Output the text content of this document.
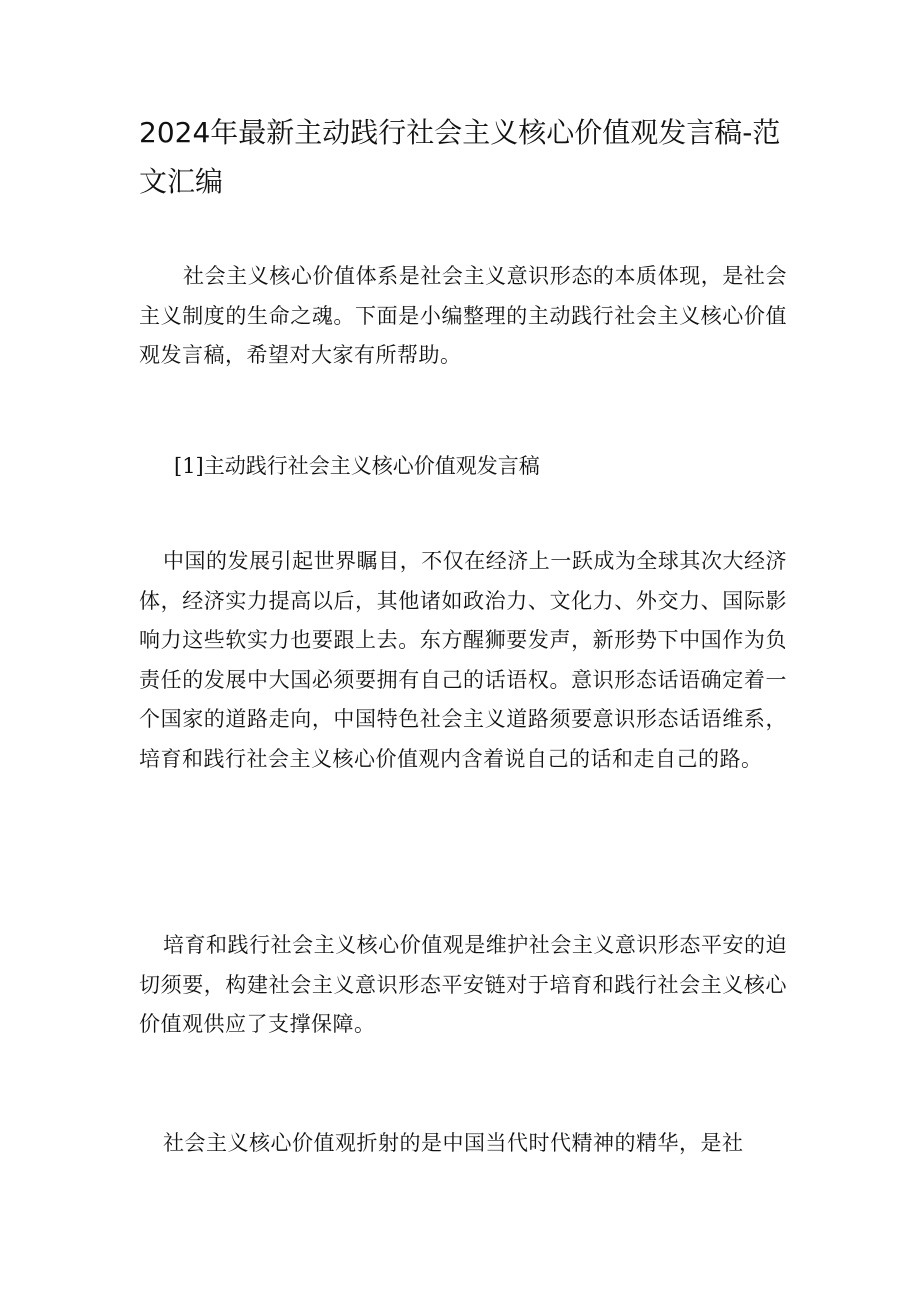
2024年最新主动践行社会主义核心价值观发言稿-范文汇编

社会主义核心价值体系是社会主义意识形态的本质体现，是社会主义制度的生命之魂。下面是小编整理的主动践行社会主义核心价值观发言稿，希望对大家有所帮助。

[1]主动践行社会主义核心价值观发言稿

中国的发展引起世界瞩目，不仅在经济上一跃成为全球其次大经济体，经济实力提高以后，其他诸如政治力、文化力、外交力、国际影响力这些软实力也要跟上去。东方醒狮要发声，新形势下中国作为负责任的发展中大国必须要拥有自己的话语权。意识形态话语确定着一个国家的道路走向，中国特色社会主义道路须要意识形态话语维系，培育和践行社会主义核心价值观内含着说自己的话和走自己的路。

培育和践行社会主义核心价值观是维护社会主义意识形态平安的迫切须要，构建社会主义意识形态平安链对于培育和践行社会主义核心价值观供应了支撑保障。

社会主义核心价值观折射的是中国当代时代精神的精华，是社
